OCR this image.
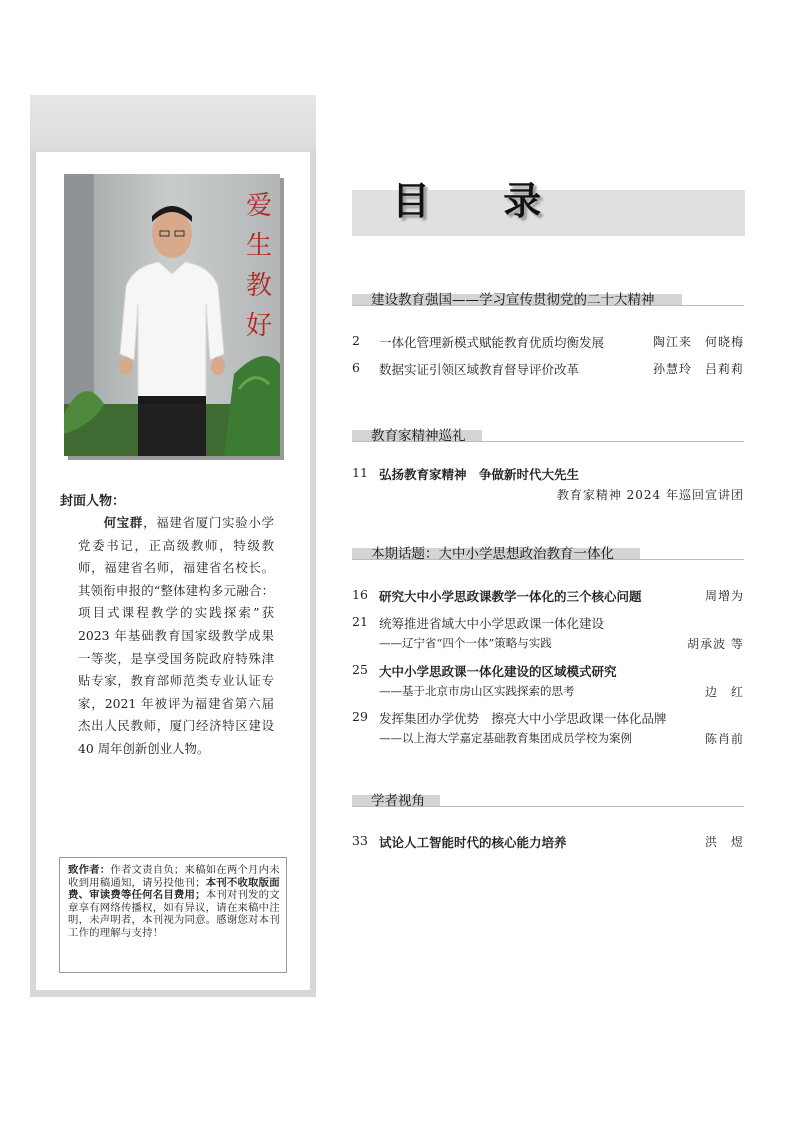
爱
生
教
好
封面人物：
何宝群，福建省厦门实验小学党委书记，正高级教师，特级教师，福建省名师，福建省名校长。其领衔申报的“整体建构多元融合：项目式课程教学的实践探索”获 2023 年基础教育国家级教学成果一等奖，是享受国务院政府特殊津贴专家，教育部师范类专业认证专家，2021 年被评为福建省第六届杰出人民教师，厦门经济特区建设 40 周年创新创业人物。
致作者：作者文责自负；来稿如在两个月内未收到用稿通知，请另投他刊；本刊不收取版面费、审读费等任何名目费用；本刊对刊发的文章享有网络传播权，如有异议，请在来稿中注明，未声明者，本刊视为同意。感谢您对本刊工作的理解与支持！
目 录
建设教育强国——学习宣传贯彻党的二十大精神
2 一体化管理新模式赋能教育优质均衡发展	陶江来　何晓梅
6 数据实证引领区域教育督导评价改革	孙慧玲　吕莉莉
教育家精神巡礼
11 弘扬教育家精神　争做新时代大先生
教育家精神 2024 年巡回宣讲团
本期话题：大中小学思想政治教育一体化
16 研究大中小学思政课教学一体化的三个核心问题	周增为
21 统筹推进省域大中小学思政课一体化建设
——辽宁省“四个一体”策略与实践	胡承波 等
25 大中小学思政课一体化建设的区域模式研究
——基于北京市房山区实践探索的思考	边　红
29 发挥集团办学优势　擦亮大中小学思政课一体化品牌
——以上海大学嘉定基础教育集团成员学校为案例	陈肖前
学者视角
33 试论人工智能时代的核心能力培养	洪　煜
